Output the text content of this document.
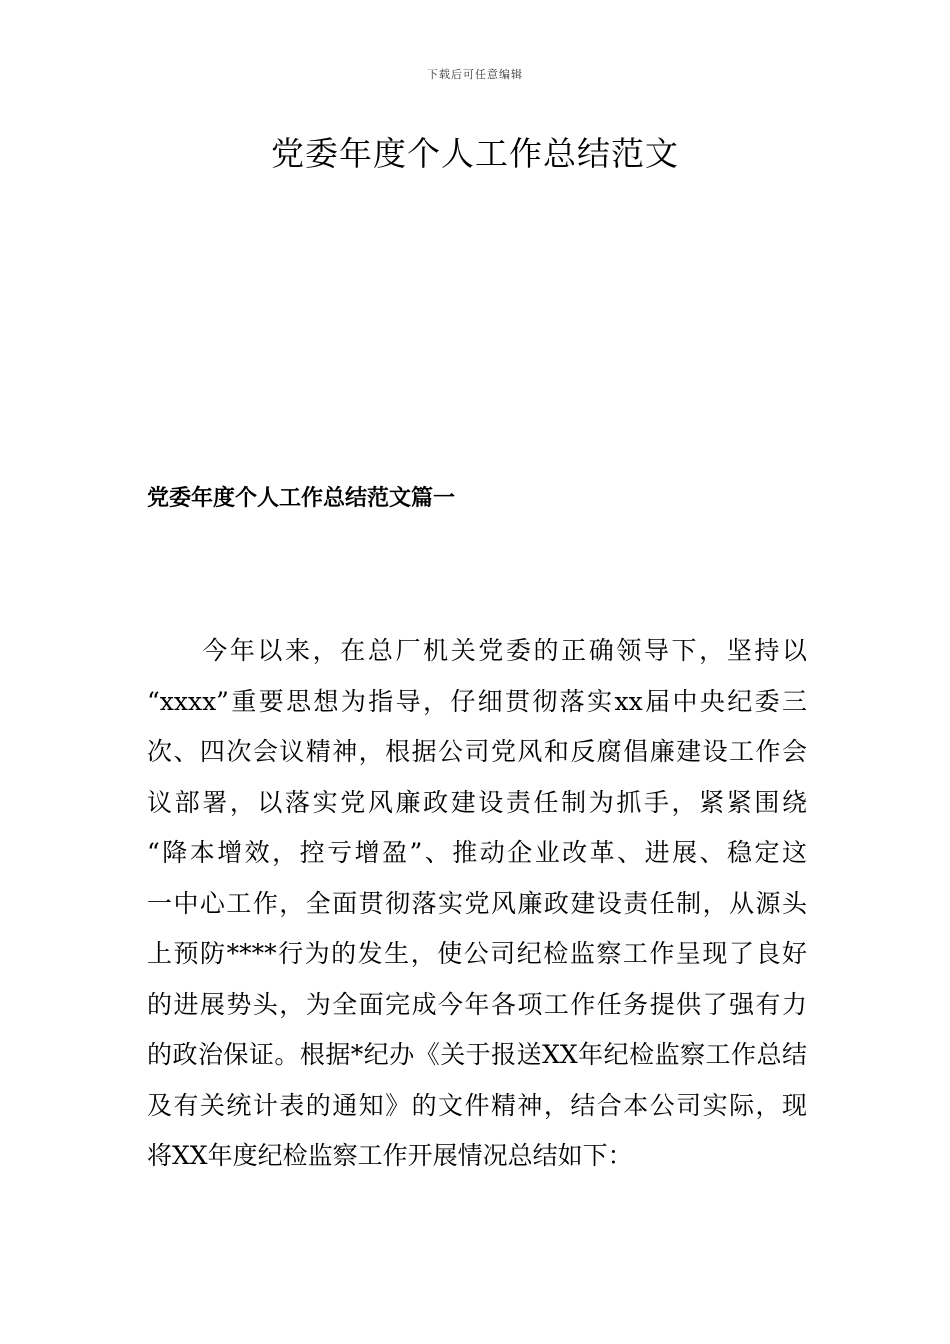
下载后可任意编辑
党委年度个人工作总结范文
党委年度个人工作总结范文篇一

　　今年以来，在总厂机关党委的正确领导下，坚持以
“xxxx”重要思想为指导，仔细贯彻落实xx届中央纪委三
次、四次会议精神，根据公司党风和反腐倡廉建设工作会
议部署，以落实党风廉政建设责任制为抓手，紧紧围绕
“降本增效，控亏增盈”、推动企业改革、进展、稳定这
一中心工作，全面贯彻落实党风廉政建设责任制，从源头
上预防****行为的发生，使公司纪检监察工作呈现了良好
的进展势头，为全面完成今年各项工作任务提供了强有力
的政治保证。根据*纪办《关于报送XX年纪检监察工作总结
及有关统计表的通知》的文件精神，结合本公司实际，现
将XX年度纪检监察工作开展情况总结如下：
